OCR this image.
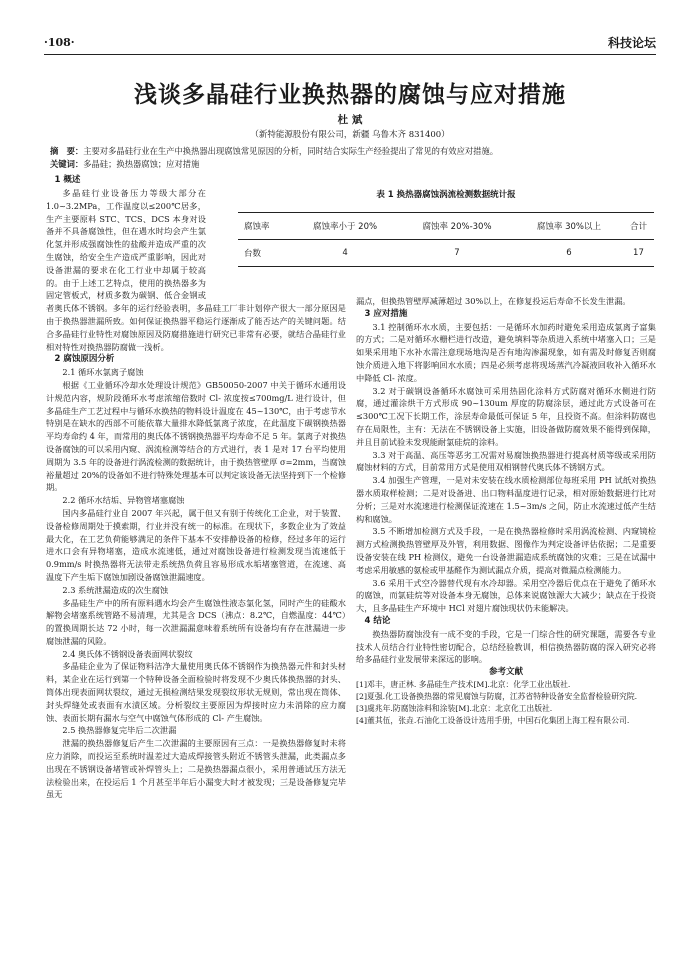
·108·	科技论坛
浅谈多晶硅行业换热器的腐蚀与应对措施
杜 斌
（新特能源股份有限公司，新疆 乌鲁木齐 831400）
摘　要：主要对多晶硅行业在生产中换热器出现腐蚀常见原因的分析，同时结合实际生产经验提出了常见的有效应对措施。
关键词：多晶硅；换热器腐蚀；应对措施
1 概述

多晶硅行业设备压力等级大部分在 1.0~3.2MPa，工作温度以≤200℃居多，生产主要原料 STC、TCS、DCS 本身对设备并不具备腐蚀性，但在遇水时均会产生氯化氢并形成强腐蚀性的盐酸并造成严重的次生腐蚀，给安全生产造成严重影响，因此对设备泄漏的要求在化工行业中却属于较高的。由于上述工艺特点，使用的换热器多为固定管板式，材质多数为碳钢、低合金钢或者奥氏体不锈钢。多年的运行经验表明，多晶硅工厂非计划停产很大一部分原因是由于换热器泄漏所致。如何保证换热器平稳运行逐渐成了能否达产的关键问题。结合多晶硅行业特性对腐蚀原因及防腐措施进行研究已非常有必要，就结合晶硅行业相对特性对换热器防腐做一浅析。

2 腐蚀原因分析
2.1 循环水氯离子腐蚀

根据《工业循环冷却水处理设计规范》GB50050-2007 中关于循环水通用设计规范内容，规阶段循环水考虑浓缩倍数时 Cl- 浓度按≤700mg/L 进行设计，但多晶硅生产工艺过程中与循环水换热的物料设计温度在 45~130℃，由于考虑节水特别是在缺水的西部不可能依靠大量排水降低氯离子浓度，在此温度下碳钢换热器平均寿命约 4 年，而常用的奥氏体不锈钢换热器平均寿命不足 5 年。氯离子对换热设备腐蚀的可以采用内窥、涡流检测等结合的方式进行，表 1 是对 17 台平均使用周期为 3.5 年的设备进行涡流检测的数据统计，由于换热管壁厚 σ=2mm，当腐蚀裕量超过 20%的设备如不进行特殊处理基本可以判定该设备无法坚持到下一个检修期。

2.2 循环水结垢、异物管堵塞腐蚀

国内多晶硅行业自 2007 年兴起，属于但又有别于传统化工企业，对于装置、设备检修周期处于摸索期，行业并没有统一的标准。在现状下，多数企业为了效益最大化，在工艺负荷能够满足的条件下基本不安排静设备的检修，经过多年的运行进水口会有异物堵塞，造成水流速低，通过对腐蚀设备进行检测发现当流速低于 0.9mm/s 时换热器将无法带走系统热负荷且容易形成水垢堵塞管道，在流速、高温度下产生垢下腐蚀加剧设备腐蚀泄漏速度。

2.3 系统泄漏造成的次生腐蚀

多晶硅生产中的所有原料遇水均会产生腐蚀性液态氯化氢，同时产生的硅酸水解物会堵塞系统管路不易清理，尤其是含 DCS（沸点：8.2℃，自燃温度：44℃）的置换周期长达 72 小时，每一次泄漏漏意味着系统所有设备均有存在泄漏进一步腐蚀泄漏的风险。

2.4 奥氏体不锈钢设备表面网状裂纹

多晶硅企业为了保证物料洁净大量使用奥氏体不锈钢作为换热器元件和封头材料，某企业在运行到第一个特种设备全面检验时将发现不少奥氏体换热器的封头、筒体出现表面网状裂纹，通过无损检测结果发现裂纹形状无规则，常出现在筒体、封头焊缝处或表面有水渍区域。分析裂纹主要原因为焊接时应力未消除的应力腐蚀、表面长期有漏水与空气中腐蚀气体形成的 Cl- 产生腐蚀。

2.5 换热器修复完毕后二次泄漏

泄漏的换热器修复后产生二次泄漏的主要原因有三点：一是换热器修复时未将应力消除，而投运至系统时温差过大造成焊接管头附近不锈管头泄漏，此类漏点多出现在不锈钢设备堵管或补焊管头上；二是换热器漏点很小，采用普通试压方法无法检验出来，在投运后 1 个月甚至半年后小漏变大时才被发现；三是设备修复完毕虽无

表 1 换热器腐蚀涡流检测数据统计报
腐蚀率	腐蚀率小于 20%	腐蚀率 20%-30%	腐蚀率 30%以上	合计
台数	4	7	6	17

漏点，但换热管壁厚减薄超过 30%以上，在修复投运后寿命不长发生泄漏。

3 应对措施

3.1 控制循环水水质，主要包括：一是循环水加药时避免采用造成氯离子富集的方式；二是对循环水栅栏进行改造，避免填料等杂质进入系统中堵塞入口；三是如果采用地下水补水需注意现场地沟是否有地沟渗漏现象，如有需及时修复否则腐蚀介质进入地下将影响回水水质；四是必须考虑将现场蒸汽冷凝液回收补入循环水中降低 Cl- 浓度。

3.2 对于碳钢设备循环水腐蚀可采用热固化涂料方式防腐对循环水侧进行防腐，通过灌涂烘干方式形成 90~130um 厚度的防腐涂层，通过此方式设备可在≤300℃工况下长期工作，涂层寿命最低可保证 5 年，且投资不高。但涂料防腐也存在局限性，主有：无法在不锈钢设备上实施，旧设备做防腐效果不能得到保障，并且目前试验未发现能耐氯硅烷的涂料。

3.3 对于高温、高压等恶劣工况需对易腐蚀换热器进行提高材质等级或采用防腐蚀材料的方式，目前常用方式是使用双相钢替代奥氏体不锈钢方式。

3.4 加强生产管理，一是对未安装在线水质检测部位每班采用 PH 试纸对换热器水质取样检测；二是对设备进、出口物料温度进行记录，相对原始数据进行比对分析；三是对水流速进行检测保证流速在 1.5~3m/s 之间，防止水流速过低产生结构和腐蚀。

3.5 不断增加检测方式及手段，一是在换热器检修时采用涡流检测、内窥镜检测方式检测换热管壁厚及外管，利用数据、图像作为判定设备评估依据；二是重要设备安装在线 PH 检测仪，避免一台设备泄漏造成系统腐蚀的灾难；三是在试漏中考虑采用敏感的氨检或甲基醛作为测试漏点介质，提高对微漏点检测能力。

3.6 采用干式空冷器替代现有水冷却器。采用空冷器后优点在于避免了循环水的腐蚀，而氯硅烷等对设备本身无腐蚀，总体来说腐蚀源大大减少；缺点在于投资大，且多晶硅生产环境中 HCl 对翅片腐蚀现状仍未能解决。

4 结论

换热器防腐蚀没有一成不变的手段，它是一门综合性的研究课题，需要各专业技术人员结合行业特性密切配合，总结经验教训，相信换热器防腐的深入研究必将给多晶硅行业发展带来深远的影响。

参考文献

[1]邓丰，唐正林. 多晶硅生产技术[M].北京：化学工业出版社.

[2]夏强.化工设备换热器的常见腐蚀与防腐，江苏省特种设备安全监督检验研究院.

[3]虞兆年.防腐蚀涂料和涂装[M].北京：北京化工出版社.

[4]董其伍，张垚.石油化工设备设计选用手册，中国石化集团上海工程有限公司.
